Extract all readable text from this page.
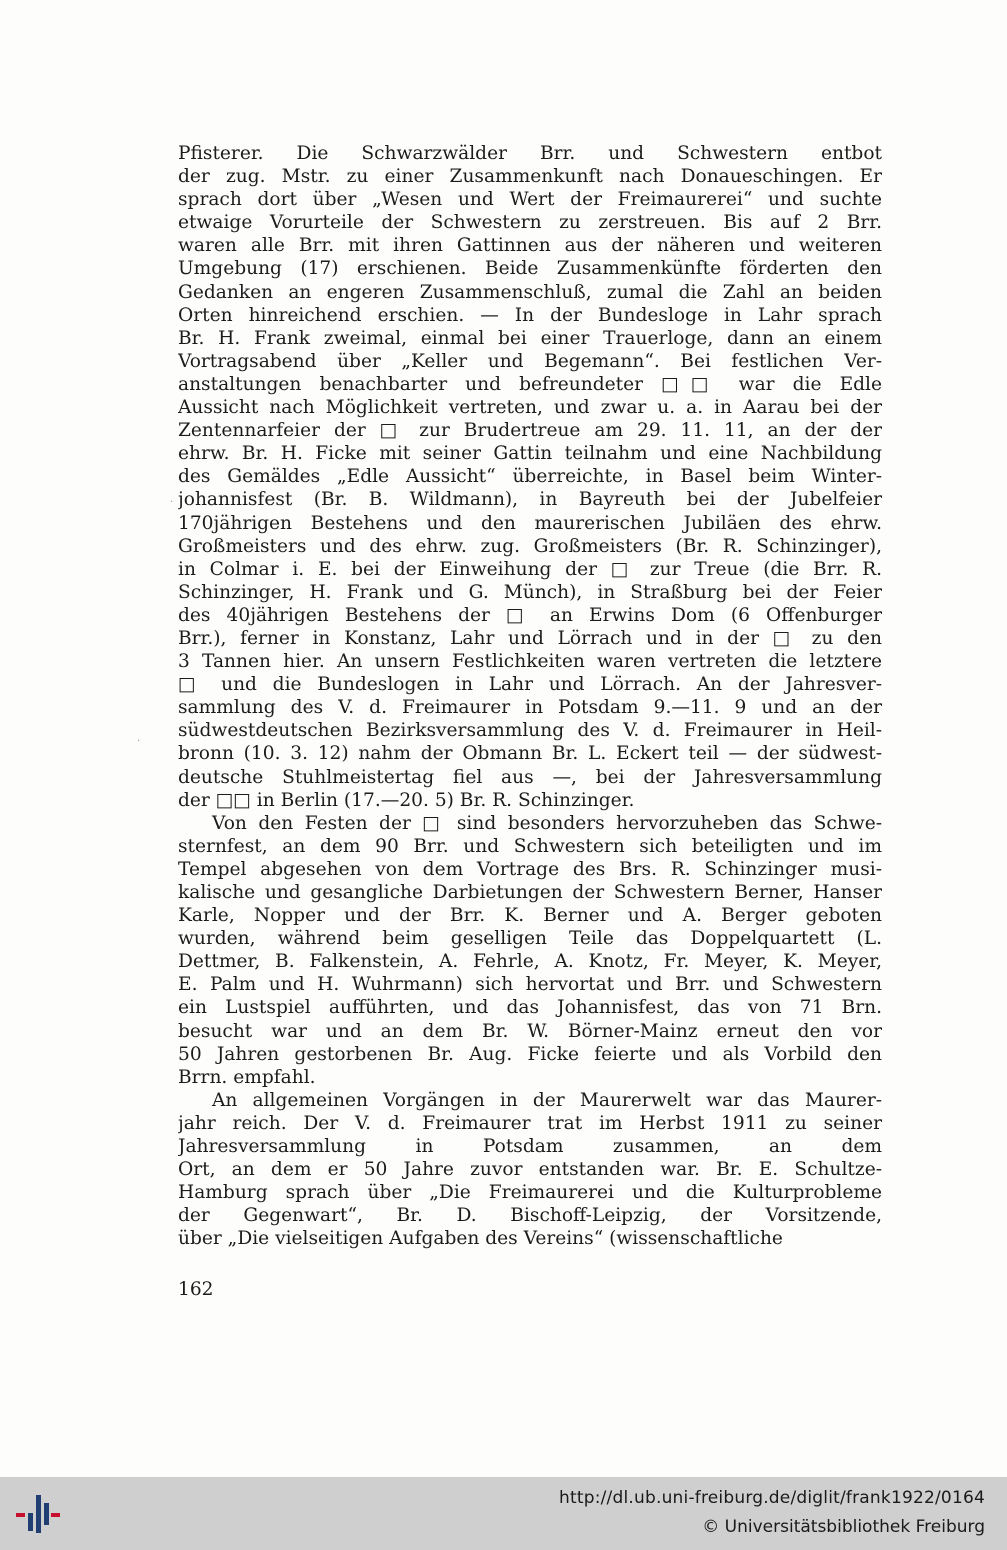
Pfisterer. Die Schwarzwälder Brr. und Schwestern entbot
der zug. Mstr. zu einer Zusammenkunft nach Donaueschingen. Er
sprach dort über „Wesen und Wert der Freimaurerei“ und suchte
etwaige Vorurteile der Schwestern zu zerstreuen. Bis auf 2 Brr.
waren alle Brr. mit ihren Gattinnen aus der näheren und weiteren
Umgebung (17) erschienen. Beide Zusammenkünfte förderten den
Gedanken an engeren Zusammenschluß, zumal die Zahl an beiden
Orten hinreichend erschien. — In der Bundesloge in Lahr sprach
Br. H. Frank zweimal, einmal bei einer Trauerloge, dann an einem
Vortragsabend über „Keller und Begemann“. Bei festlichen Ver-
anstaltungen benachbarter und befreundeter □□ war die Edle
Aussicht nach Möglichkeit vertreten, und zwar u. a. in Aarau bei der
Zentennarfeier der □ zur Brudertreue am 29. 11. 11, an der der
ehrw. Br. H. Ficke mit seiner Gattin teilnahm und eine Nachbildung
des Gemäldes „Edle Aussicht“ überreichte, in Basel beim Winter-
johannisfest (Br. B. Wildmann), in Bayreuth bei der Jubelfeier
170jährigen Bestehens und den maurerischen Jubiläen des ehrw.
Großmeisters und des ehrw. zug. Großmeisters (Br. R. Schinzinger),
in Colmar i. E. bei der Einweihung der □ zur Treue (die Brr. R.
Schinzinger, H. Frank und G. Münch), in Straßburg bei der Feier
des 40jährigen Bestehens der □ an Erwins Dom (6 Offenburger
Brr.), ferner in Konstanz, Lahr und Lörrach und in der □ zu den
3 Tannen hier. An unsern Festlichkeiten waren vertreten die letztere
□ und die Bundeslogen in Lahr und Lörrach. An der Jahresver-
sammlung des V. d. Freimaurer in Potsdam 9.—11. 9 und an der
südwestdeutschen Bezirksversammlung des V. d. Freimaurer in Heil-
bronn (10. 3. 12) nahm der Obmann Br. L. Eckert teil — der südwest-
deutsche Stuhlmeistertag fiel aus —, bei der Jahresversammlung
der □□ in Berlin (17.—20. 5) Br. R. Schinzinger.
Von den Festen der □ sind besonders hervorzuheben das Schwe-
sternfest, an dem 90 Brr. und Schwestern sich beteiligten und im
Tempel abgesehen von dem Vortrage des Brs. R. Schinzinger musi-
kalische und gesangliche Darbietungen der Schwestern Berner, Hanser
Karle, Nopper und der Brr. K. Berner und A. Berger geboten
wurden, während beim geselligen Teile das Doppelquartett (L.
Dettmer, B. Falkenstein, A. Fehrle, A. Knotz, Fr. Meyer, K. Meyer,
E. Palm und H. Wuhrmann) sich hervortat und Brr. und Schwestern
ein Lustspiel aufführten, und das Johannisfest, das von 71 Brn.
besucht war und an dem Br. W. Börner-Mainz erneut den vor
50 Jahren gestorbenen Br. Aug. Ficke feierte und als Vorbild den
Brrn. empfahl.
An allgemeinen Vorgängen in der Maurerwelt war das Maurer-
jahr reich. Der V. d. Freimaurer trat im Herbst 1911 zu seiner
Jahresversammlung in Potsdam zusammen, an dem
Ort, an dem er 50 Jahre zuvor entstanden war. Br. E. Schultze-
Hamburg sprach über „Die Freimaurerei und die Kulturprobleme
der Gegenwart“, Br. D. Bischoff-Leipzig, der Vorsitzende,
über „Die vielseitigen Aufgaben des Vereins“ (wissenschaftliche
162
·
·
http://dl.ub.uni-freiburg.de/diglit/frank1922/0164
© Universitätsbibliothek Freiburg
